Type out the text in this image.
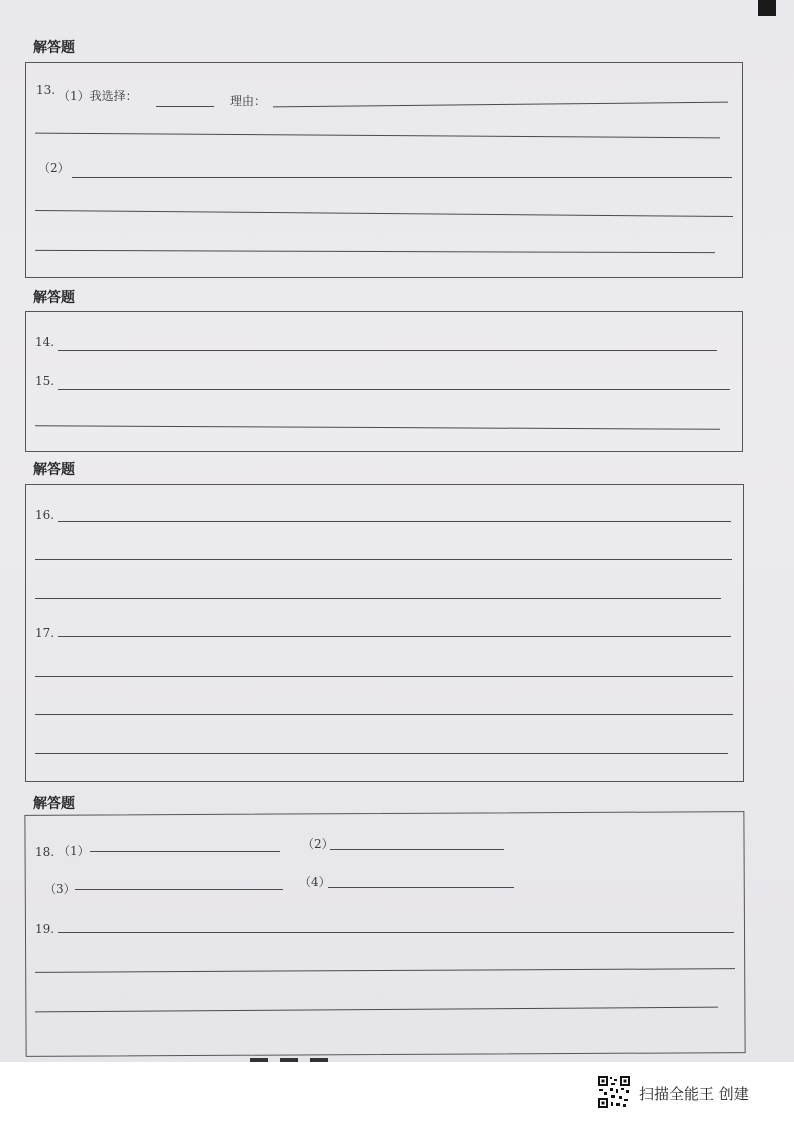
解答题
13. （1）我选择：	理由：
（2）
解答题
14.
15.
解答题
16.
17.
解答题
18. （1）	（2）
（3）	（4）
19.
扫描全能王 创建
